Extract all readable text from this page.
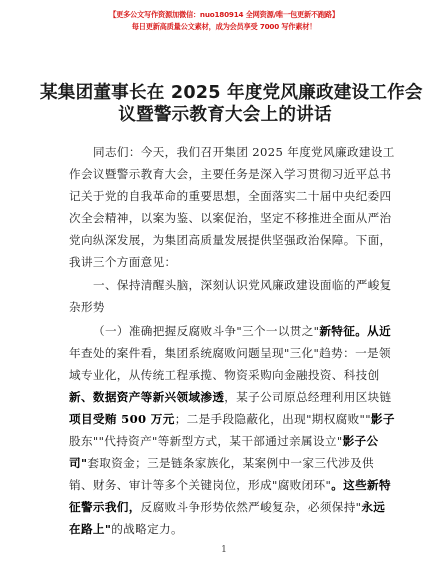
【更多公文写作资源加微信：nuo180914 全网资源/唯一包更新不跑路】
每日更新高质量公文素材，成为会员享受 7000 写作素材！
某集团董事长在 2025 年度党风廉政建设工作会
议暨警示教育大会上的讲话
同志们：今天，我们召开集团 2025 年度党风廉政建设工
作会议暨警示教育大会，主要任务是深入学习贯彻习近平总书
记关于党的自我革命的重要思想，全面落实二十届中央纪委四
次全会精神，以案为鉴、以案促治，坚定不移推进全面从严治
党向纵深发展，为集团高质量发展提供坚强政治保障。下面，
我讲三个方面意见：
一、保持清醒头脑，深刻认识党风廉政建设面临的严峻复
杂形势
（一）准确把握反腐败斗争"三个一以贯之"新特征。从近
年查处的案件看，集团系统腐败问题呈现"三化"趋势：一是领
域专业化，从传统工程承揽、物资采购向金融投资、科技创
新、数据资产等新兴领域渗透，某子公司原总经理利用区块链
项目受贿 500 万元；二是手段隐蔽化，出现"期权腐败""影子
股东""代持资产"等新型方式，某干部通过亲属设立"影子公
司"套取资金；三是链条家族化，某案例中一家三代涉及供
销、财务、审计等多个关键岗位，形成"腐败闭环"。这些新特
征警示我们，反腐败斗争形势依然严峻复杂，必须保持"永远
在路上"的战略定力。
1
